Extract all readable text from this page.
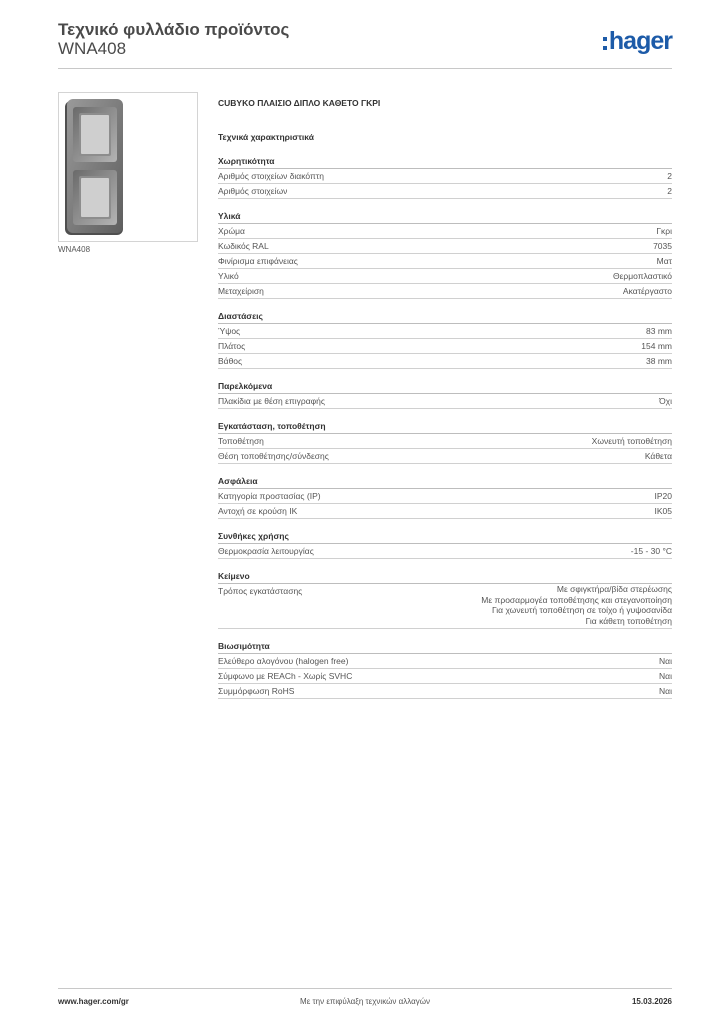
Τεχνικό φυλλάδιο προϊόντος
WNA408	hager
WNA408
CUBYKO ΠΛΑΙΣΙΟ ΔΙΠΛΟ ΚΑΘΕΤΟ ΓΚΡΙ
Τεχνικά χαρακτηριστικά
Χωρητικότητα
Αριθμός στοιχείων διακόπτη	2
Αριθμός στοιχείων	2
Υλικά
Χρώμα	Γκρι
Κωδικός RAL	7035
Φινίρισμα επιφάνειας	Ματ
Υλικό	Θερμοπλαστικό
Μεταχείριση	Ακατέργαστο
Διαστάσεις
Ύψος	83 mm
Πλάτος	154 mm
Βάθος	38 mm
Παρελκόμενα
Πλακίδια με θέση επιγραφής	Όχι
Εγκατάσταση, τοποθέτηση
Τοποθέτηση	Χωνευτή τοποθέτηση
Θέση τοποθέτησης/σύνδεσης	Κάθετα
Ασφάλεια
Κατηγορία προστασίας (IP)	IP20
Αντοχή σε κρούση IK	IK05
Συνθήκες χρήσης
Θερμοκρασία λειτουργίας	-15 - 30 °C
Κείμενο
Τρόπος εγκατάστασης	Με σφιγκτήρα/βίδα στερέωσης
Με προσαρμογέα τοποθέτησης και στεγανοποίηση
Για χωνευτή τοποθέτηση σε τοίχο ή γυψοσανίδα
Για κάθετη τοποθέτηση
Βιωσιμότητα
Ελεύθερο αλογόνου (halogen free)	Ναι
Σύμφωνο με REACh - Χωρίς SVHC	Ναι
Συμμόρφωση RoHS	Ναι
www.hager.com/gr	Με την επιφύλαξη τεχνικών αλλαγών	15.03.2026
